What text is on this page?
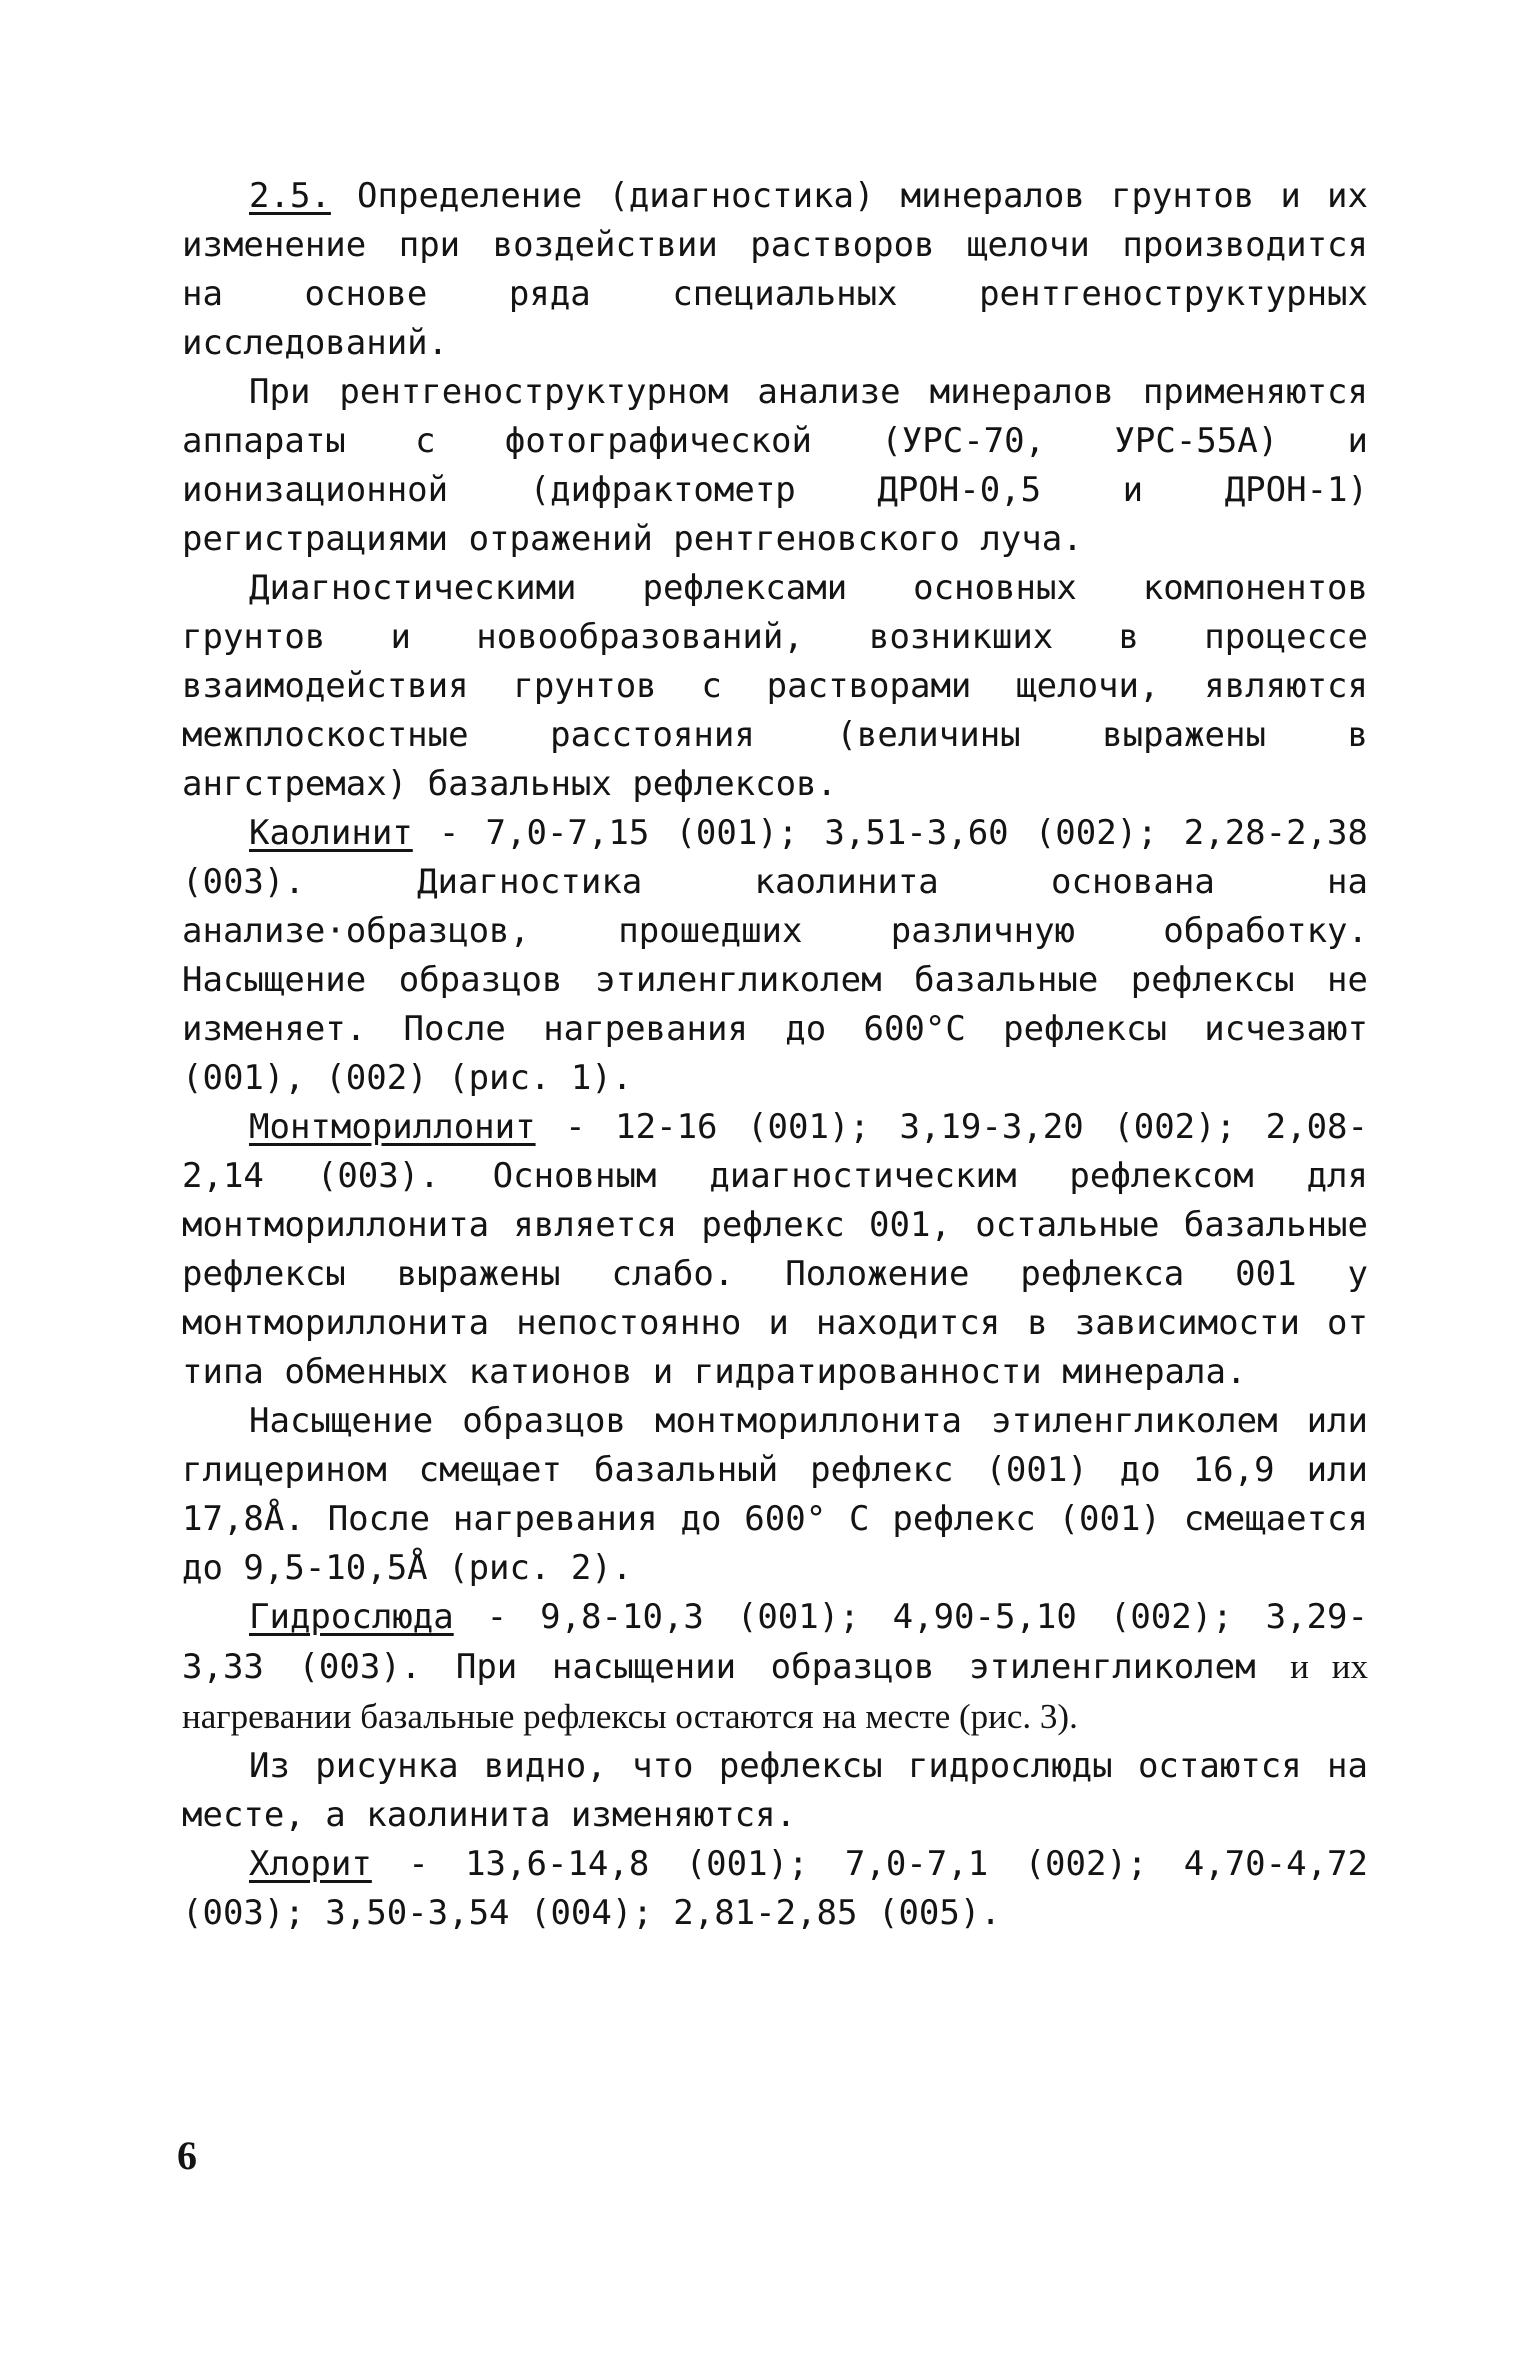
2.5. Определение (диагностика) минералов грунтов и их изменение при воздействии растворов щелочи производится на основе ряда специальных рентгеноструктурных исследований.

При рентгеноструктурном анализе минералов применяются аппараты с фотографической (УРС-70, УРС-55А) и ионизационной (дифрактометр ДРОН-0,5 и ДРОН-1) регистрациями отражений рентгеновского луча.

Диагностическими рефлексами основных компонентов грунтов и новообразований, возникших в процессе взаимодействия грунтов с растворами щелочи, являются межплоскостные расстояния (величины выражены в ангстремах) базальных рефлексов.

Каолинит - 7,0-7,15 (001); 3,51-3,60 (002); 2,28-2,38 (003). Диагностика каолинита основана на анализе·образцов, прошедших различную обработку. Насыщение образцов этиленгликолем базальные рефлексы не изменяет. После нагревания до 600°С рефлексы исчезают (001), (002) (рис. 1).

Монтмориллонит - 12-16 (001); 3,19-3,20 (002); 2,08-2,14 (003). Основным диагностическим рефлексом для монтмориллонита является рефлекс 001, остальные базальные рефлексы выражены слабо. Положение рефлекса 001 у монтмориллонита непостоянно и находится в зависимости от типа обменных катионов и гидратированности минерала.

Насыщение образцов монтмориллонита этиленгликолем или глицерином смещает базальный рефлекс (001) до 16,9 или 17,8Å. После нагревания до 600° С рефлекс (001) смещается до 9,5-10,5Å (рис. 2).

Гидрослюда - 9,8-10,3 (001); 4,90-5,10 (002); 3,29-3,33 (003). При насыщении образцов этиленгликолем и их нагревании базальные рефлексы остаются на месте (рис. 3).

Из рисунка видно, что рефлексы гидрослюды остаются на месте, а каолинита изменяются.

Хлорит - 13,6-14,8 (001); 7,0-7,1 (002); 4,70-4,72 (003); 3,50-3,54 (004); 2,81-2,85 (005).

6
